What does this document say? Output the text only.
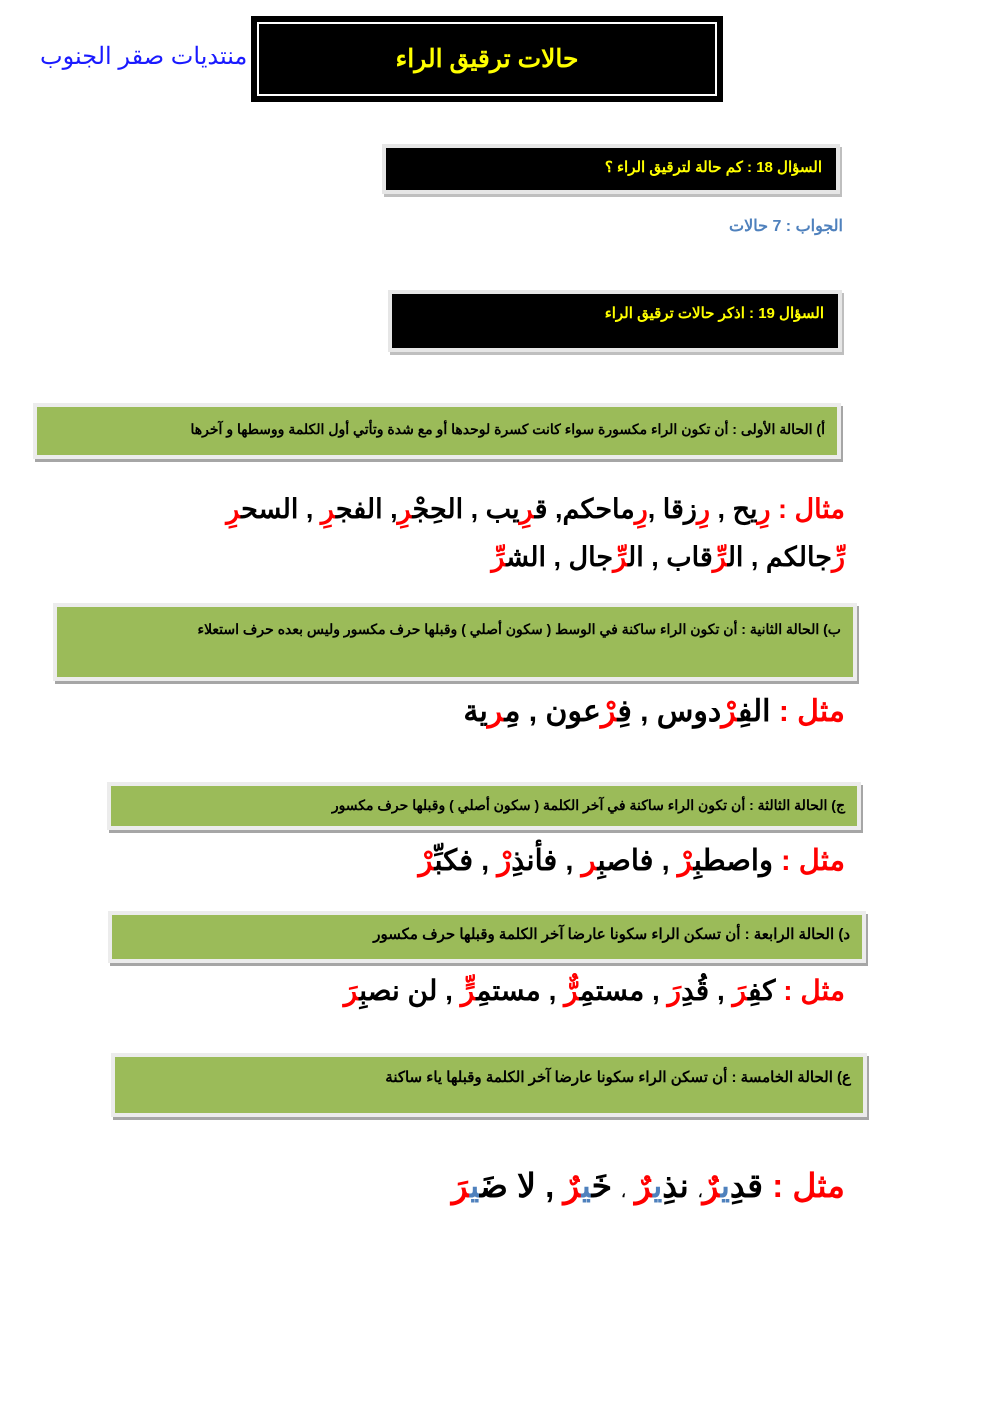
حالات ترقيق الراء
منتديات صقر الجنوب
السؤال 18 : كم حالة لترقيق الراء ؟
الجواب : 7 حالات
السؤال 19 : اذكر حالات ترقيق الراء
أ) الحالة الأولى : أن تكون الراء مكسورة سواء كانت كسرة لوحدها أو مع شدة وتأتي أول الكلمة ووسطها و آخرها
مثال : رِيح , رِزقا ,رِماحكم, قرِيب , الحِجْرِ, الفجرِ , السحرِ
رِّجالكم , الرِّقاب , الرِّجال , الشرِّ
ب) الحالة الثانية : أن تكون الراء ساكنة في الوسط ( سكون أصلي ) وقبلها حرف مكسور وليس بعده حرف استعلاء
مثل : الفِرْدوس , فِرْعون , مِرية
ج) الحالة الثالثة : أن تكون الراء ساكنة في آخر الكلمة ( سكون أصلي ) وقبلها حرف مكسور
مثل : واصطبِرْ , فاصبِر , فأنذِرْ , فكبِّرْ
د) الحالة الرابعة : أن تسكن الراء سكونا عارضا آخر الكلمة وقبلها حرف مكسور
مثل : كفِرَ , قُدِرَ , مستمِرٌّ , مستمِرٍّ , لن نصبِرَ
ع) الحالة الخامسة : أن تسكن الراء سكونا عارضا آخر الكلمة وقبلها ياء ساكنة
مثل : قدِيرٌ، نذِيرٌ ، خَيرٌ , لا ضَيرَ
